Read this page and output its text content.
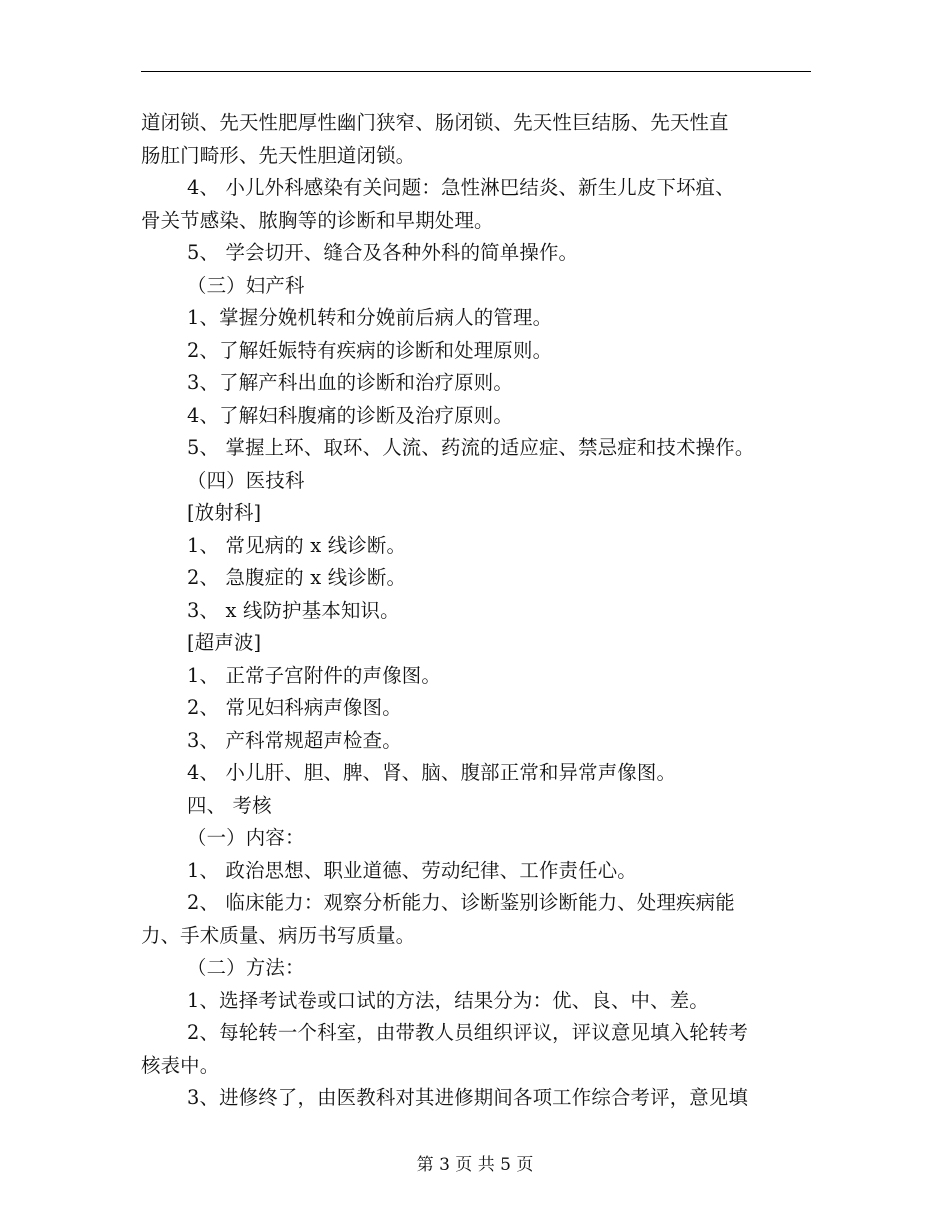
道闭锁、先天性肥厚性幽门狭窄、肠闭锁、先天性巨结肠、先天性直
肠肛门畸形、先天性胆道闭锁。
4、 小儿外科感染有关问题：急性淋巴结炎、新生儿皮下坏疽、
骨关节感染、脓胸等的诊断和早期处理。
5、 学会切开、缝合及各种外科的简单操作。
（三）妇产科
1、掌握分娩机转和分娩前后病人的管理。
2、了解妊娠特有疾病的诊断和处理原则。
3、了解产科出血的诊断和治疗原则。
4、了解妇科腹痛的诊断及治疗原则。
5、 掌握上环、取环、人流、药流的适应症、禁忌症和技术操作。
（四）医技科
[放射科]
1、 常见病的 x 线诊断。
2、 急腹症的 x 线诊断。
3、 x 线防护基本知识。
[超声波]
1、 正常子宫附件的声像图。
2、 常见妇科病声像图。
3、 产科常规超声检查。
4、 小儿肝、胆、脾、肾、脑、腹部正常和异常声像图。
四、 考核
（一）内容：
1、 政治思想、职业道德、劳动纪律、工作责任心。
2、 临床能力：观察分析能力、诊断鉴别诊断能力、处理疾病能
力、手术质量、病历书写质量。
（二）方法：
1、选择考试卷或口试的方法，结果分为：优、良、中、差。
2、每轮转一个科室，由带教人员组织评议，评议意见填入轮转考
核表中。
3、进修终了，由医教科对其进修期间各项工作综合考评，意见填
第 3 页 共 5 页
